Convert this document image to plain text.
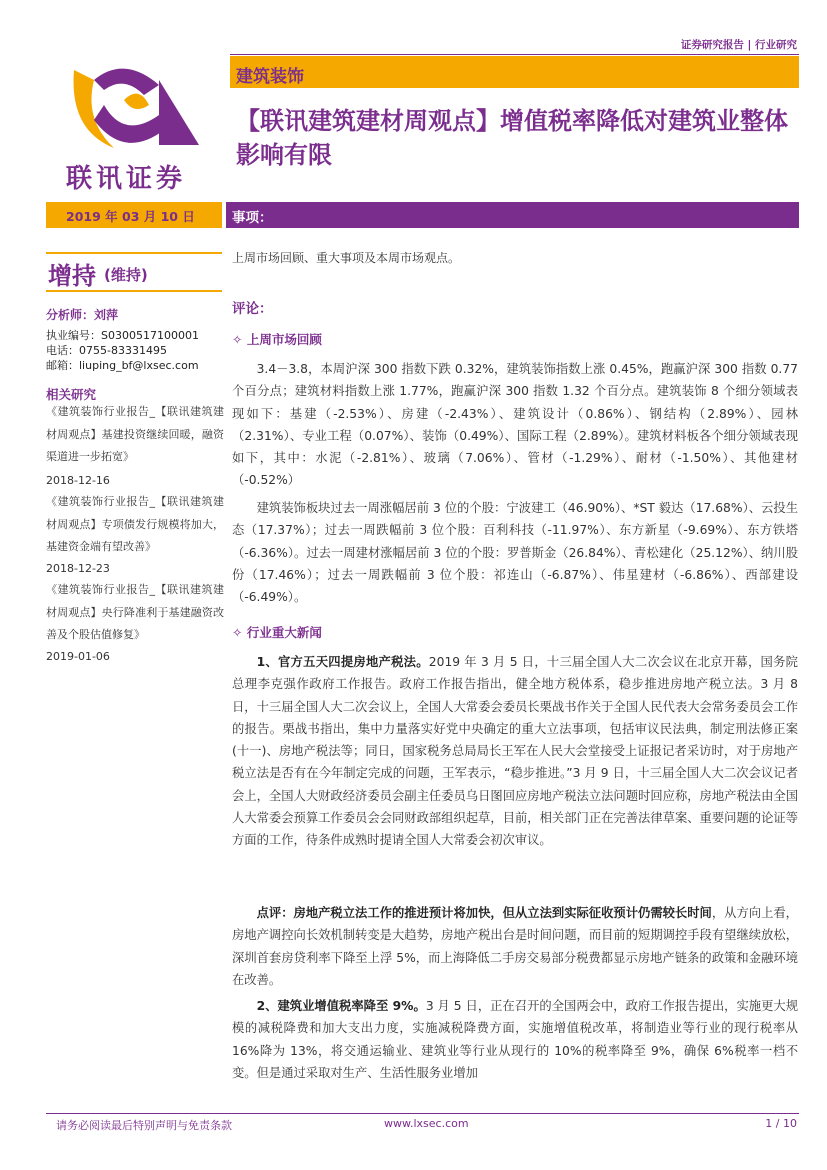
证券研究报告 | 行业研究
联讯证券
建筑装饰
【联讯建筑建材周观点】增值税率降低对建筑业整体影响有限
2019 年 03 月 10 日	事项：
增持 (维持)
分析师：刘萍
执业编号：S0300517100001
电话：0755-83331495
邮箱：liuping_bf@lxsec.com
相关研究
《建筑装饰行业报告_【联讯建筑建材周观点】基建投资继续回暖，融资渠道进一步拓宽》
2018-12-16
《建筑装饰行业报告_【联讯建筑建材周观点】专项债发行规模将加大，基建资金端有望改善》
2018-12-23
《建筑装饰行业报告_【联讯建筑建材周观点】央行降准利于基建融资改善及个股估值修复》
2019-01-06
上周市场回顾、重大事项及本周市场观点。
评论：
✧ 上周市场回顾
3.4－3.8，本周沪深 300 指数下跌 0.32%，建筑装饰指数上涨 0.45%，跑赢沪深 300 指数 0.77 个百分点；建筑材料指数上涨 1.77%，跑赢沪深 300 指数 1.32 个百分点。建筑装饰 8 个细分领域表现如下：基建（-2.53%）、房建（-2.43%）、建筑设计（0.86%）、钢结构（2.89%）、园林（2.31%）、专业工程（0.07%）、装饰（0.49%）、国际工程（2.89%）。建筑材料板各个细分领域表现如下，其中：水泥（-2.81%）、玻璃（7.06%）、管材（-1.29%）、耐材（-1.50%）、其他建材（-0.52%）
建筑装饰板块过去一周涨幅居前 3 位的个股：宁波建工（46.90%）、*ST 毅达（17.68%）、云投生态（17.37%）；过去一周跌幅前 3 位个股：百利科技（-11.97%）、东方新星（-9.69%）、东方铁塔（-6.36%）。过去一周建材涨幅居前 3 位的个股：罗普斯金（26.84%）、青松建化（25.12%）、纳川股份（17.46%）；过去一周跌幅前 3 位个股：祁连山（-6.87%）、伟星建材（-6.86%）、西部建设（-6.49%）。
✧ 行业重大新闻
1、官方五天四提房地产税法。2019 年 3 月 5 日，十三届全国人大二次会议在北京开幕，国务院总理李克强作政府工作报告。政府工作报告指出，健全地方税体系，稳步推进房地产税立法。3 月 8 日，十三届全国人大二次会议上，全国人大常委会委员长栗战书作关于全国人民代表大会常务委员会工作的报告。栗战书指出，集中力量落实好党中央确定的重大立法事项，包括审议民法典，制定刑法修正案(十一)、房地产税法等；同日，国家税务总局局长王军在人民大会堂接受上证报记者采访时，对于房地产税立法是否有在今年制定完成的问题，王军表示，“稳步推进。”3 月 9 日，十三届全国人大二次会议记者会上，全国人大财政经济委员会副主任委员乌日图回应房地产税法立法问题时回应称，房地产税法由全国人大常委会预算工作委员会会同财政部组织起草，目前，相关部门正在完善法律草案、重要问题的论证等方面的工作，待条件成熟时提请全国人大常委会初次审议。
点评：房地产税立法工作的推进预计将加快，但从立法到实际征收预计仍需较长时间，从方向上看，房地产调控向长效机制转变是大趋势，房地产税出台是时间问题，而目前的短期调控手段有望继续放松，深圳首套房贷利率下降至上浮 5%，而上海降低二手房交易部分税费都显示房地产链条的政策和金融环境在改善。
2、建筑业增值税率降至 9%。3 月 5 日，正在召开的全国两会中，政府工作报告提出，实施更大规模的减税降费和加大支出力度，实施减税降费方面，实施增值税改革，将制造业等行业的现行税率从 16%降为 13%，将交通运输业、建筑业等行业从现行的 10%的税率降至 9%，确保 6%税率一档不变。但是通过采取对生产、生活性服务业增加
请务必阅读最后特别声明与免责条款	www.lxsec.com	1 / 10
